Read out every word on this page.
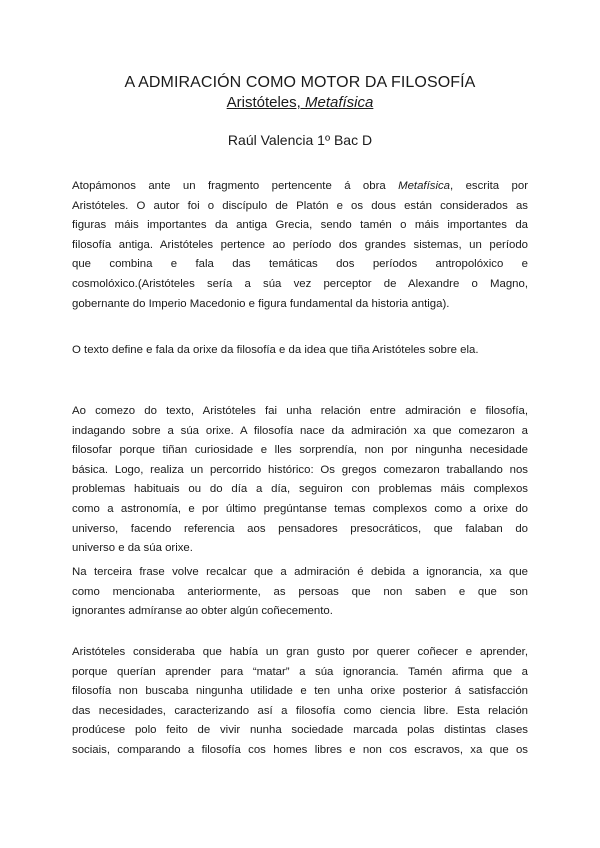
A ADMIRACIÓN COMO MOTOR DA FILOSOFÍA
Aristóteles, Metafísica

Raúl Valencia 1º Bac D

Atopámonos ante un fragmento pertencente á obra Metafísica, escrita por
Aristóteles. O autor foi o discípulo de Platón e os dous están considerados as
figuras máis importantes da antiga Grecia, sendo tamén o máis importantes da
filosofía antiga. Aristóteles pertence ao período dos grandes sistemas, un período
que combina e fala das temáticas dos períodos antropolóxico e
cosmolóxico.(Aristóteles sería a súa vez perceptor de Alexandre o Magno,
gobernante do Imperio Macedonio e figura fundamental da historia antiga).

O texto define e fala da orixe da filosofía e da idea que tiña Aristóteles sobre ela.

Ao comezo do texto, Aristóteles fai unha relación entre admiración e filosofía,
indagando sobre a súa orixe. A filosofía nace da admiración xa que comezaron a
filosofar porque tiñan curiosidade e lles sorprendía, non por ningunha necesidade
básica. Logo, realiza un percorrido histórico: Os gregos comezaron traballando nos
problemas habituais ou do día a día, seguiron con problemas máis complexos
como a astronomía, e por último pregúntanse temas complexos como a orixe do
universo, facendo referencia aos pensadores presocráticos, que falaban do
universo e da súa orixe.

Na terceira frase volve recalcar que a admiración é debida a ignorancia, xa que
como mencionaba anteriormente, as persoas que non saben e que son
ignorantes admíranse ao obter algún coñecemento.

Aristóteles consideraba que había un gran gusto por querer coñecer e aprender,
porque querían aprender para “matar” a súa ignorancia. Tamén afirma que a
filosofía non buscaba ningunha utilidade e ten unha orixe posterior á satisfacción
das necesidades, caracterizando así a filosofía como ciencia libre. Esta relación
prodúcese polo feito de vivir nunha sociedade marcada polas distintas clases
sociais, comparando a filosofía cos homes libres e non cos escravos, xa que os
